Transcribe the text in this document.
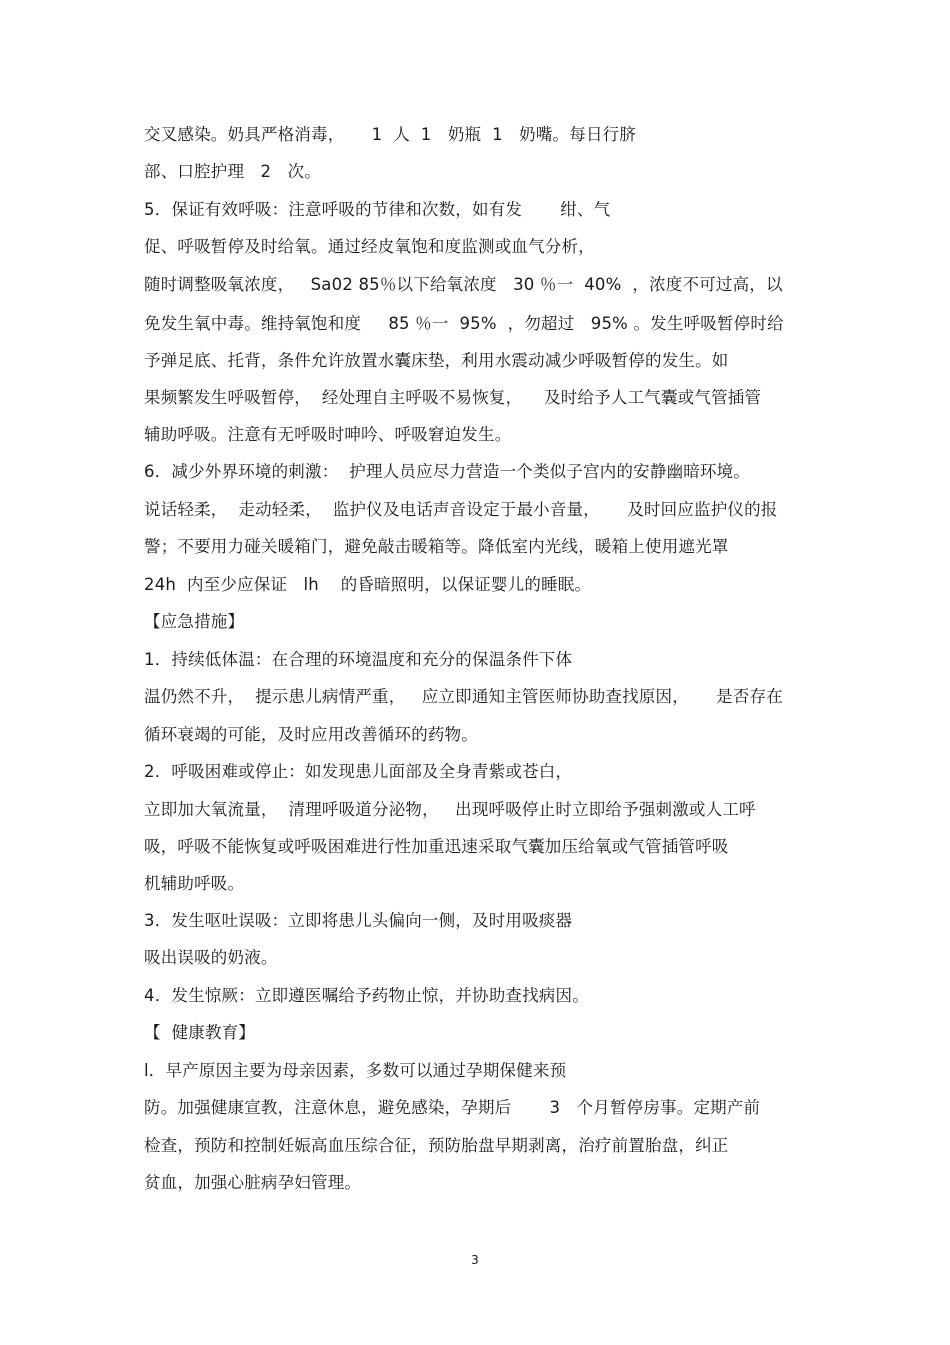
交叉感染。奶具严格消毒，     1  人  1   奶瓶  1   奶嘴。每日行脐
部、口腔护理   2   次。
5．保证有效呼吸：注意呼吸的节律和次数，如有发       绀、气
促、呼吸暂停及时给氧。通过经皮氧饱和度监测或血气分析，
随时调整吸氧浓度，   Sa02 85％以下给氧浓度   30 ％一  40%  ，浓度不可过高，以
免发生氧中毒。维持氧饱和度     85 ％一  95%  ，勿超过   95% 。发生呼吸暂停时给
予弹足底、托背，条件允许放置水囊床垫，利用水震动减少呼吸暂停的发生。如
果频繁发生呼吸暂停，  经处理自主呼吸不易恢复，    及时给予人工气囊或气管插管
辅助呼吸。注意有无呼吸时呻吟、呼吸窘迫发生。
6．减少外界环境的刺激：  护理人员应尽力营造一个类似子宫内的安静幽暗环境。
说话轻柔，  走动轻柔，  监护仪及电话声音设定于最小音量，     及时回应监护仪的报
警；不要用力碰关暖箱门，避免敲击暖箱等。降低室内光线，暖箱上使用遮光罩
24h  内至少应保证   lh    的昏暗照明，以保证婴儿的睡眠。
【应急措施】
1．持续低体温：在合理的环境温度和充分的保温条件下体
温仍然不升，  提示患儿病情严重，   应立即通知主管医师协助查找原因，     是否存在
循环衰竭的可能，及时应用改善循环的药物。
2．呼吸困难或停止：如发现患儿面部及全身青紫或苍白，
立即加大氧流量，  清理呼吸道分泌物，   出现呼吸停止时立即给予强刺激或人工呼
吸，呼吸不能恢复或呼吸困难进行性加重迅速采取气囊加压给氧或气管插管呼吸
机辅助呼吸。
3．发生呕吐误吸：立即将患儿头偏向一侧，及时用吸痰器
吸出误吸的奶液。
4．发生惊厥：立即遵医嘱给予药物止惊，并协助查找病因。
【  健康教育】
l．早产原因主要为母亲因素，多数可以通过孕期保健来预
防。加强健康宣教，注意休息，避免感染，孕期后       3   个月暂停房事。定期产前
检查，预防和控制妊娠高血压综合征，预防胎盘早期剥离，治疗前置胎盘，纠正
贫血，加强心脏病孕妇管理。
3
